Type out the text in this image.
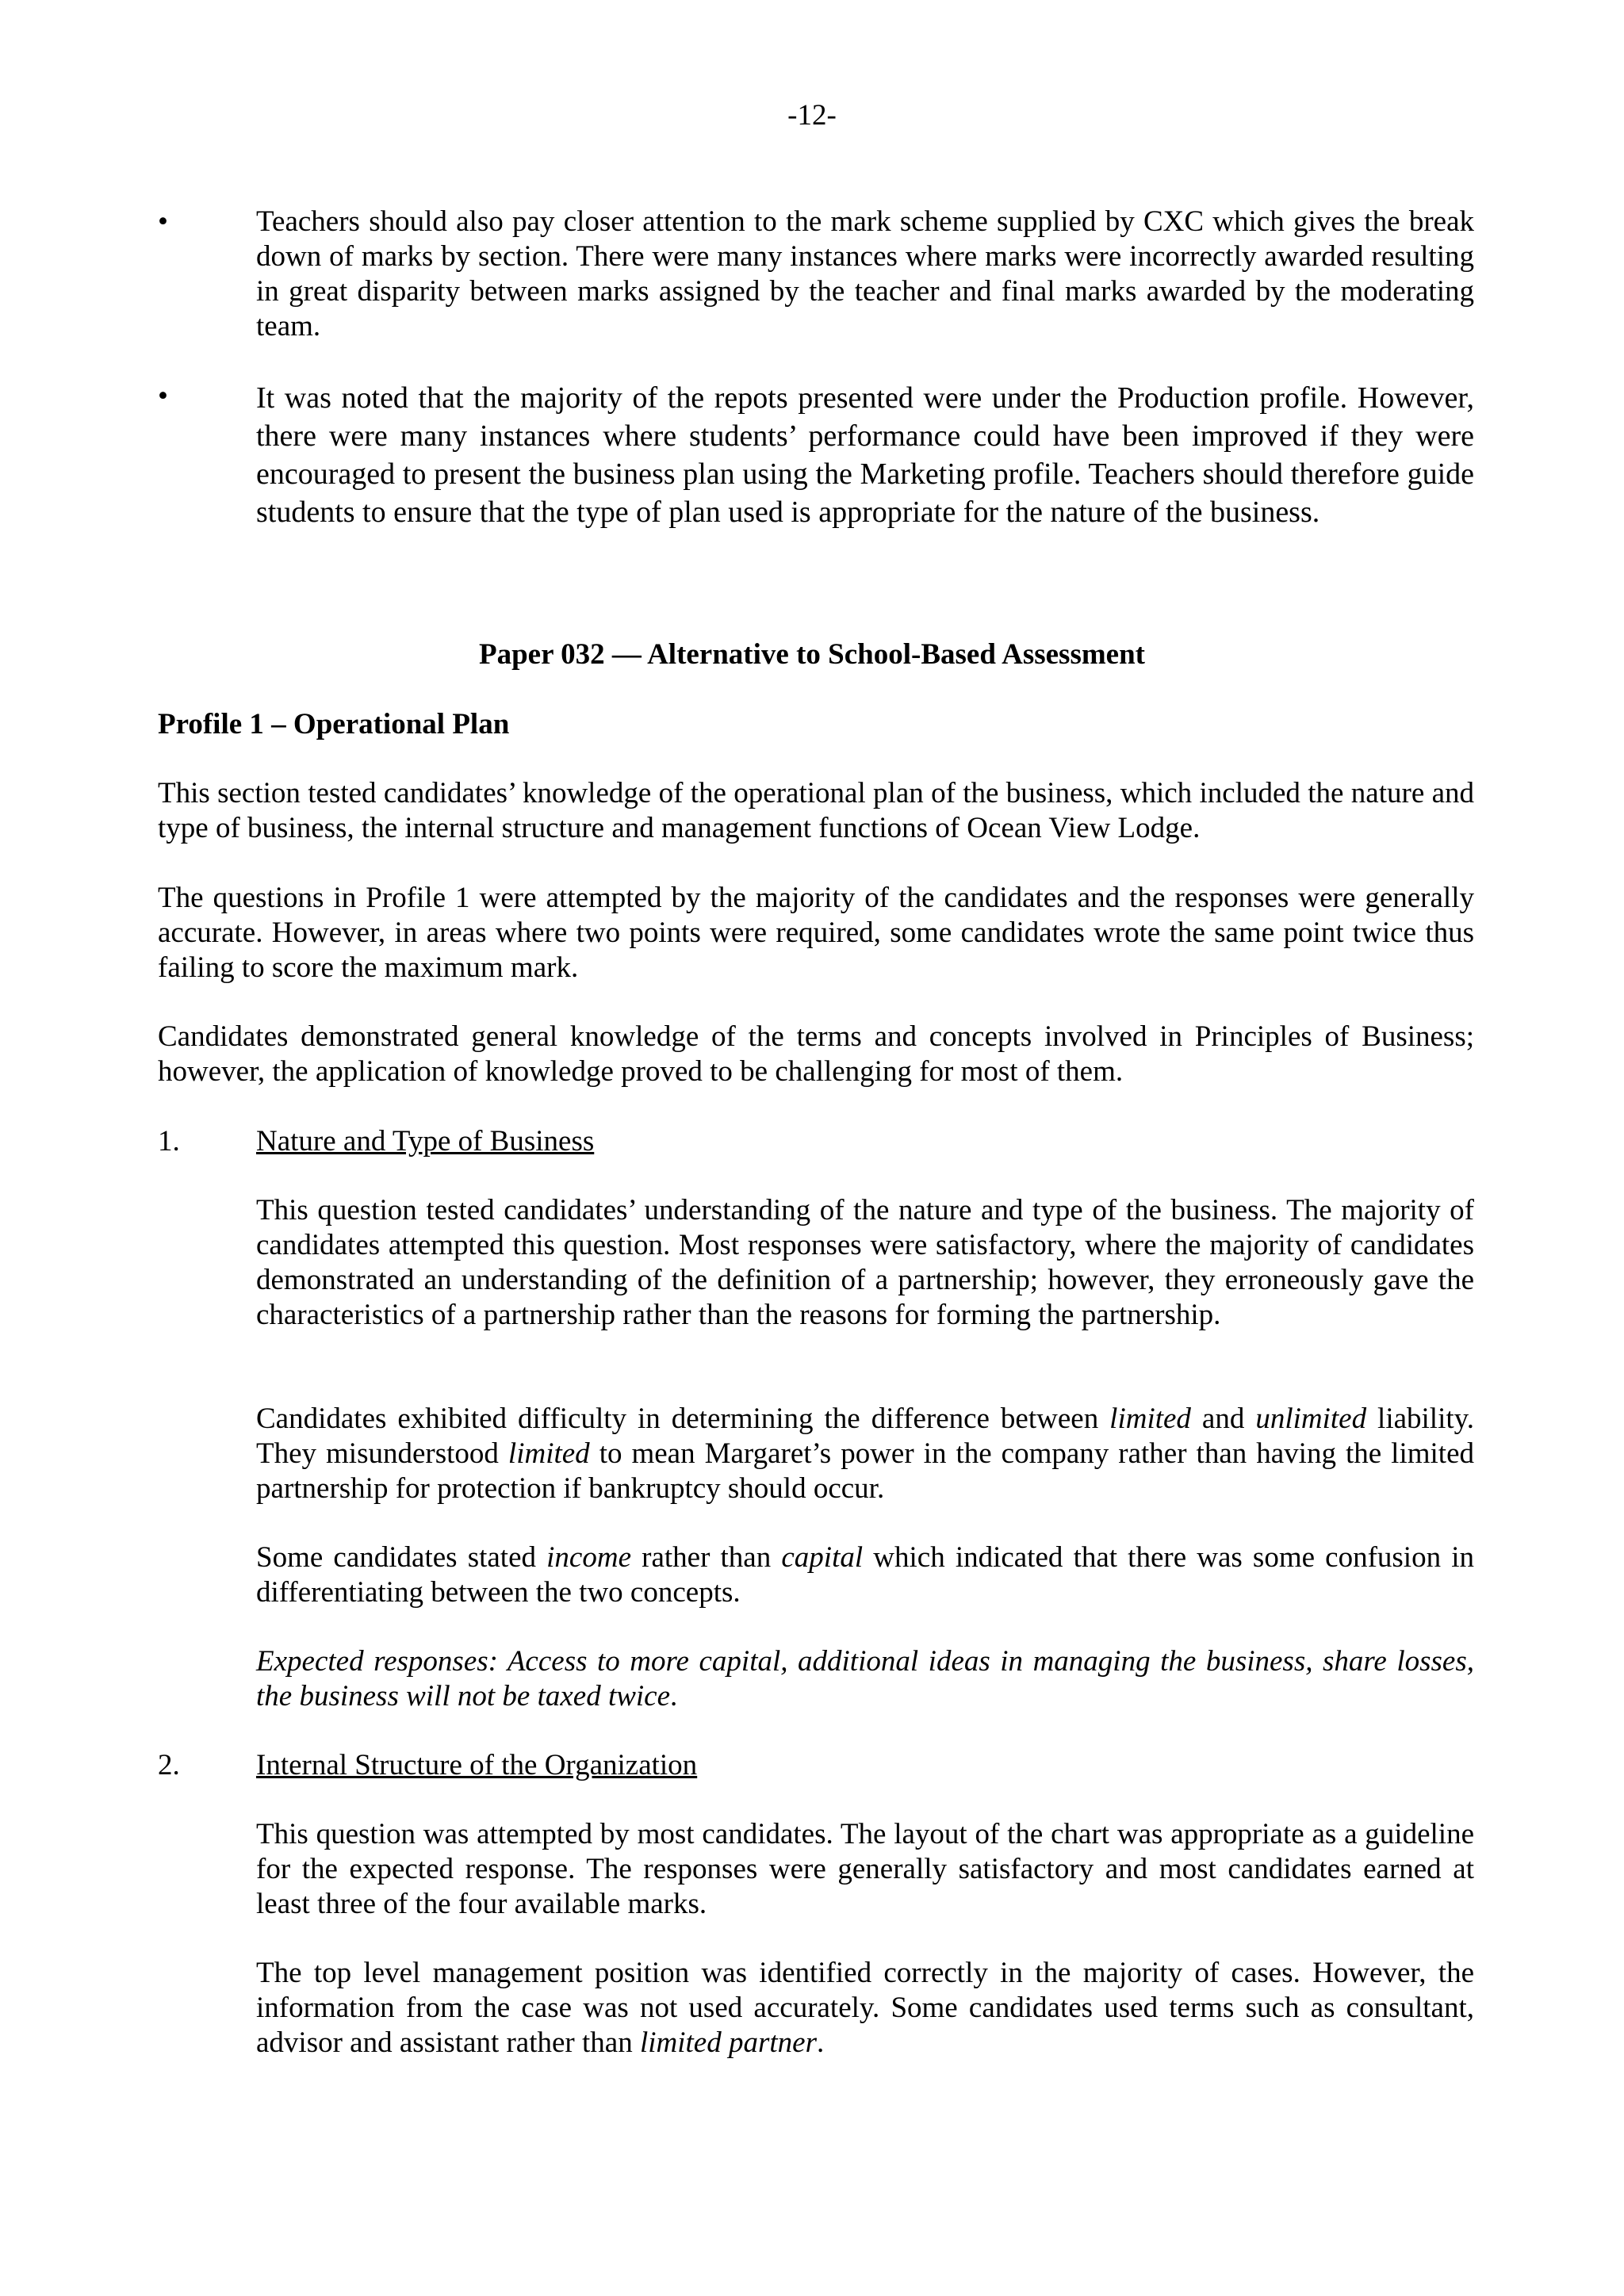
-12-
•

Teachers should also pay closer attention to the mark scheme supplied by CXC which gives the break down of marks by section. There were many instances where marks were incorrectly awarded resulting in great disparity between marks assigned by the teacher and final marks awarded by the moderating team.

•

It was noted that the majority of the repots presented were under the Production profile. However, there were many instances where students’ performance could have been improved if they were encouraged to present the business plan using the Marketing profile. Teachers should therefore guide students to ensure that the type of plan used is appropriate for the nature of the business.

Paper 032 — Alternative to School-Based Assessment
Profile 1 – Operational Plan

This section tested candidates’ knowledge of the operational plan of the business, which included the nature and type of business, the internal structure and management functions of Ocean View Lodge.

The questions in Profile 1 were attempted by the majority of the candidates and the responses were generally accurate. However, in areas where two points were required, some candidates wrote the same point twice thus failing to score the maximum mark.

Candidates demonstrated general knowledge of the terms and concepts involved in Principles of Business; however, the application of knowledge proved to be challenging for most of them.

1.	Nature and Type of Business

This question tested candidates’ understanding of the nature and type of the business. The majority of candidates attempted this question. Most responses were satisfactory, where the majority of candidates demonstrated an understanding of the definition of a partnership; however, they erroneously gave the characteristics of a partnership rather than the reasons for forming the partnership.

Candidates exhibited difficulty in determining the difference between limited and unlimited liability. They misunderstood limited to mean Margaret’s power in the company rather than having the limited partnership for protection if bankruptcy should occur.

Some candidates stated income rather than capital which indicated that there was some confusion in differentiating between the two concepts.

Expected responses: Access to more capital, additional ideas in managing the business, share losses, the business will not be taxed twice.

2.	Internal Structure of the Organization

This question was attempted by most candidates. The layout of the chart was appropriate as a guideline for the expected response. The responses were generally satisfactory and most candidates earned at least three of the four available marks.

The top level management position was identified correctly in the majority of cases. However, the information from the case was not used accurately. Some candidates used terms such as consultant, advisor and assistant rather than limited partner.
